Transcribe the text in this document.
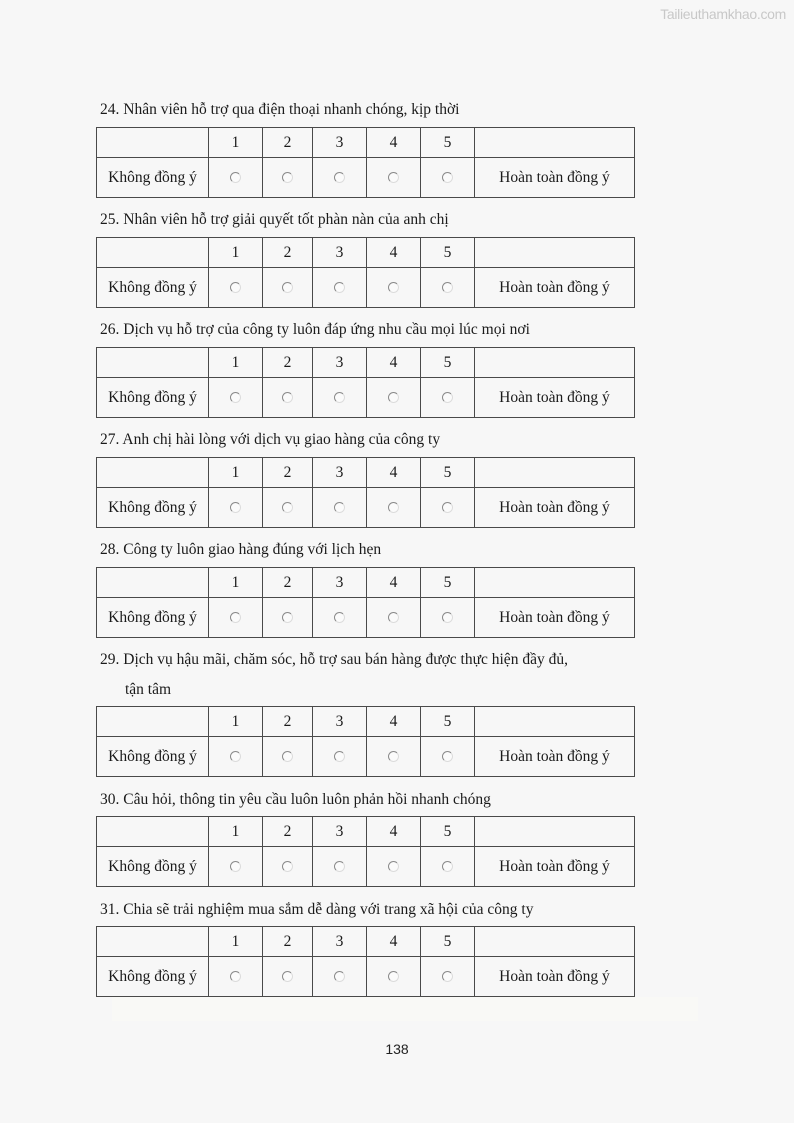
Tailieuthamkhao.com
24. Nhân viên hỗ trợ qua điện thoại nhanh chóng, kịp thời
	1	2	3	4	5	
Không đồng ý						Hoàn toàn đồng ý
25. Nhân viên hỗ trợ giải quyết tốt phàn nàn của anh chị
	1	2	3	4	5	
Không đồng ý						Hoàn toàn đồng ý
26. Dịch vụ hỗ trợ của công ty luôn đáp ứng nhu cầu mọi lúc mọi nơi
	1	2	3	4	5	
Không đồng ý						Hoàn toàn đồng ý
27. Anh chị hài lòng với dịch vụ giao hàng của công ty
	1	2	3	4	5	
Không đồng ý						Hoàn toàn đồng ý
28. Công ty luôn giao hàng đúng với lịch hẹn
	1	2	3	4	5	
Không đồng ý						Hoàn toàn đồng ý
29. Dịch vụ hậu mãi, chăm sóc, hỗ trợ sau bán hàng được thực hiện đầy đủ,
tận tâm
	1	2	3	4	5	
Không đồng ý						Hoàn toàn đồng ý
30. Câu hỏi, thông tin yêu cầu luôn luôn phản hồi nhanh chóng
	1	2	3	4	5	
Không đồng ý						Hoàn toàn đồng ý
31. Chia sẽ trải nghiệm mua sắm dễ dàng với trang xã hội của công ty
	1	2	3	4	5	
Không đồng ý						Hoàn toàn đồng ý
138
